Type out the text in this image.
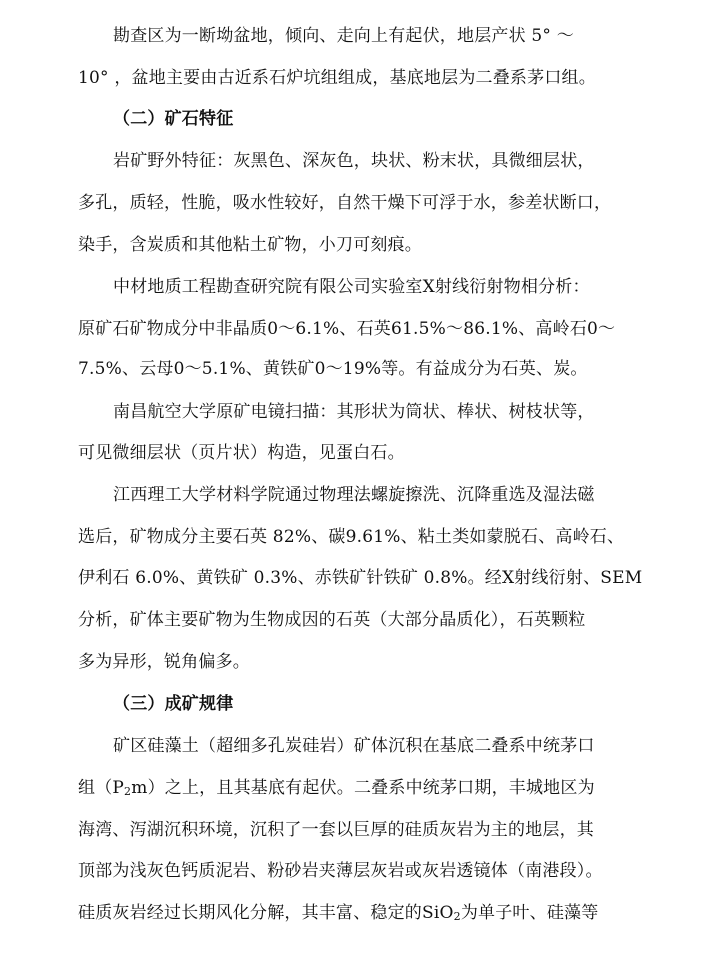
勘查区为一断坳盆地，倾向、走向上有起伏，地层产状 5° ～
10° ，盆地主要由古近系石炉坑组组成，基底地层为二叠系茅口组。
（二）矿石特征
岩矿野外特征：灰黑色、深灰色，块状、粉末状，具微细层状，
多孔，质轻，性脆，吸水性较好，自然干燥下可浮于水，参差状断口，
染手，含炭质和其他粘土矿物，小刀可刻痕。
中材地质工程勘查研究院有限公司实验室X射线衍射物相分析：
原矿石矿物成分中非晶质0～6.1%、石英61.5%～86.1%、高岭石0～
7.5%、云母0～5.1%、黄铁矿0～19%等。有益成分为石英、炭。
南昌航空大学原矿电镜扫描：其形状为筒状、棒状、树枝状等，
可见微细层状（页片状）构造，见蛋白石。
江西理工大学材料学院通过物理法螺旋擦洗、沉降重选及湿法磁
选后，矿物成分主要石英 82%、碳9.61%、粘土类如蒙脱石、高岭石、
伊利石 6.0%、黄铁矿 0.3%、赤铁矿针铁矿 0.8%。经X射线衍射、SEM
分析，矿体主要矿物为生物成因的石英（大部分晶质化），石英颗粒
多为异形，锐角偏多。
（三）成矿规律
矿区硅藻土（超细多孔炭硅岩）矿体沉积在基底二叠系中统茅口
组（P2m）之上，且其基底有起伏。二叠系中统茅口期，丰城地区为
海湾、泻湖沉积环境，沉积了一套以巨厚的硅质灰岩为主的地层，其
顶部为浅灰色钙质泥岩、粉砂岩夹薄层灰岩或灰岩透镜体（南港段）。
硅质灰岩经过长期风化分解，其丰富、稳定的SiO2为单子叶、硅藻等
